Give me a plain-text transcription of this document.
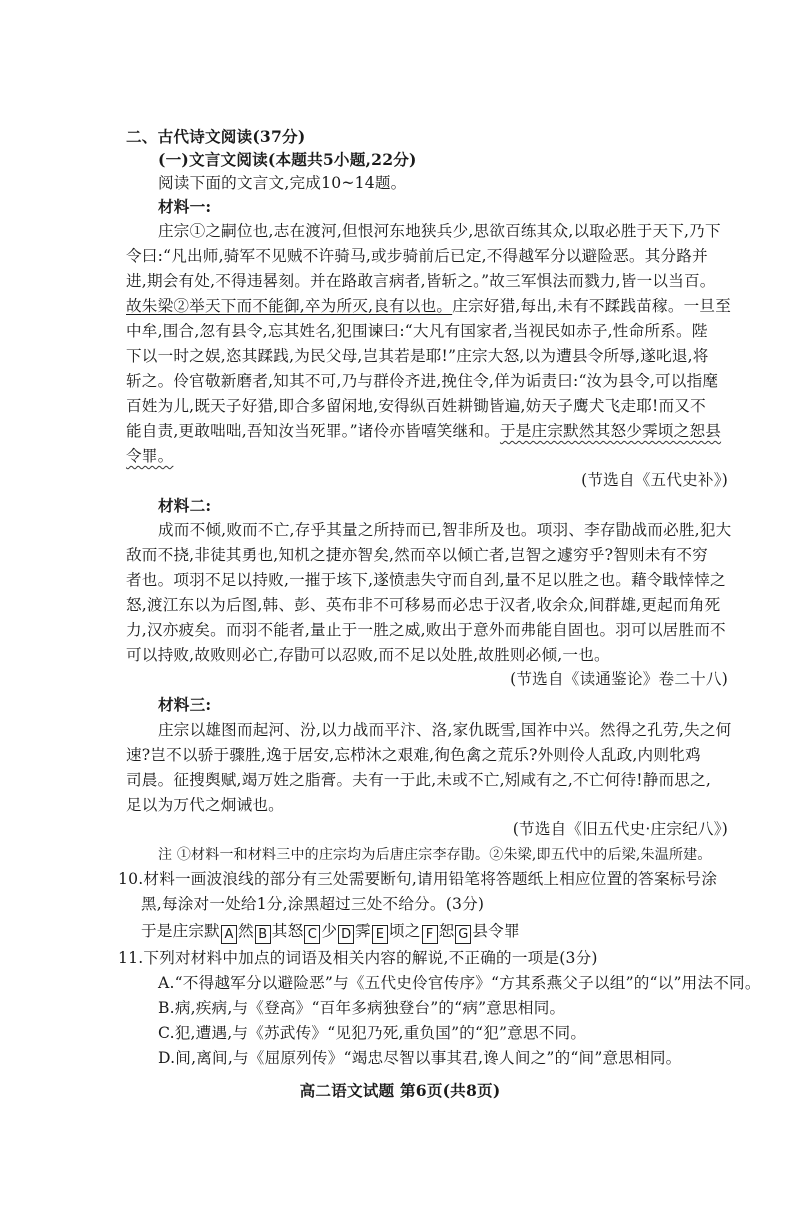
二、古代诗文阅读(37分)
(一)文言文阅读(本题共5小题,22分)
阅读下面的文言文,完成10~14题。
材料一:
庄宗①之嗣位也,志在渡河,但恨河东地狭兵少,思欲百练其众,以取必胜于天下,乃下
令曰:“凡出师,骑军不见贼不许骑马,或步骑前后已定,不得越军分以避险恶。其分路并
进,期会有处,不得违晷刻。并在路敢言病者,皆斩之。”故三军惧法而戮力,皆一以当百。
故朱梁②举天下而不能御,卒为所灭,良有以也。庄宗好猎,每出,未有不蹂践苗稼。一旦至
中牟,围合,忽有县令,忘其姓名,犯围谏曰:“大凡有国家者,当视民如赤子,性命所系。陛
下以一时之娱,恣其蹂践,为民父母,岂其若是耶!”庄宗大怒,以为遭县令所辱,遂叱退,将
斩之。伶官敬新磨者,知其不可,乃与群伶齐进,挽住令,佯为诟责曰:“汝为县令,可以指麾
百姓为儿,既天子好猎,即合多留闲地,安得纵百姓耕锄皆遍,妨天子鹰犬飞走耶!而又不
能自责,更敢咄咄,吾知汝当死罪。”诸伶亦皆嘻笑继和。于是庄宗默然其怒少霁顷之恕县
令罪。
(节选自《五代史补》)
材料二:
成而不倾,败而不亡,存乎其量之所持而已,智非所及也。项羽、李存勖战而必胜,犯大
敌而不挠,非徒其勇也,知机之捷亦智矣,然而卒以倾亡者,岂智之遽穷乎?智则未有不穷
者也。项羽不足以持败,一摧于垓下,遂愤恚失守而自刭,量不足以胜之也。藉令戢悻悻之
怒,渡江东以为后图,韩、彭、英布非不可移易而必忠于汉者,收余众,间群雄,更起而角死
力,汉亦疲矣。而羽不能者,量止于一胜之威,败出于意外而弗能自固也。羽可以居胜而不
可以持败,故败则必亡,存勖可以忍败,而不足以处胜,故胜则必倾,一也。
(节选自《读通鉴论》卷二十八)
材料三:
庄宗以雄图而起河、汾,以力战而平汴、洛,家仇既雪,国祚中兴。然得之孔劳,失之何
速?岂不以骄于骤胜,逸于居安,忘栉沐之艰难,徇色禽之荒乐?外则伶人乱政,内则牝鸡
司晨。征搜舆赋,竭万姓之脂膏。夫有一于此,未或不亡,矧咸有之,不亡何待!静而思之,
足以为万代之炯诫也。
(节选自《旧五代史·庄宗纪八》)
注 ①材料一和材料三中的庄宗均为后唐庄宗李存勖。②朱梁,即五代中的后梁,朱温所建。
10.材料一画波浪线的部分有三处需要断句,请用铅笔将答题纸上相应位置的答案标号涂
黑,每涂对一处给1分,涂黑超过三处不给分。(3分)
于是庄宗默 A 然 B 其怒 C 少 D 霁 E 顷之 F 恕 G 县令罪
11.下列对材料中加点的词语及相关内容的解说,不正确的一项是(3分)
A.“不得越军分以避险恶”与《五代史伶官传序》“方其系燕父子以组”的“以”用法不同。
B.病,疾病,与《登高》“百年多病独登台”的“病”意思相同。
C.犯,遭遇,与《苏武传》“见犯乃死,重负国”的“犯”意思不同。
D.间,离间,与《屈原列传》“竭忠尽智以事其君,谗人间之”的“间”意思相同。
高二语文试题 第6页(共8页)
